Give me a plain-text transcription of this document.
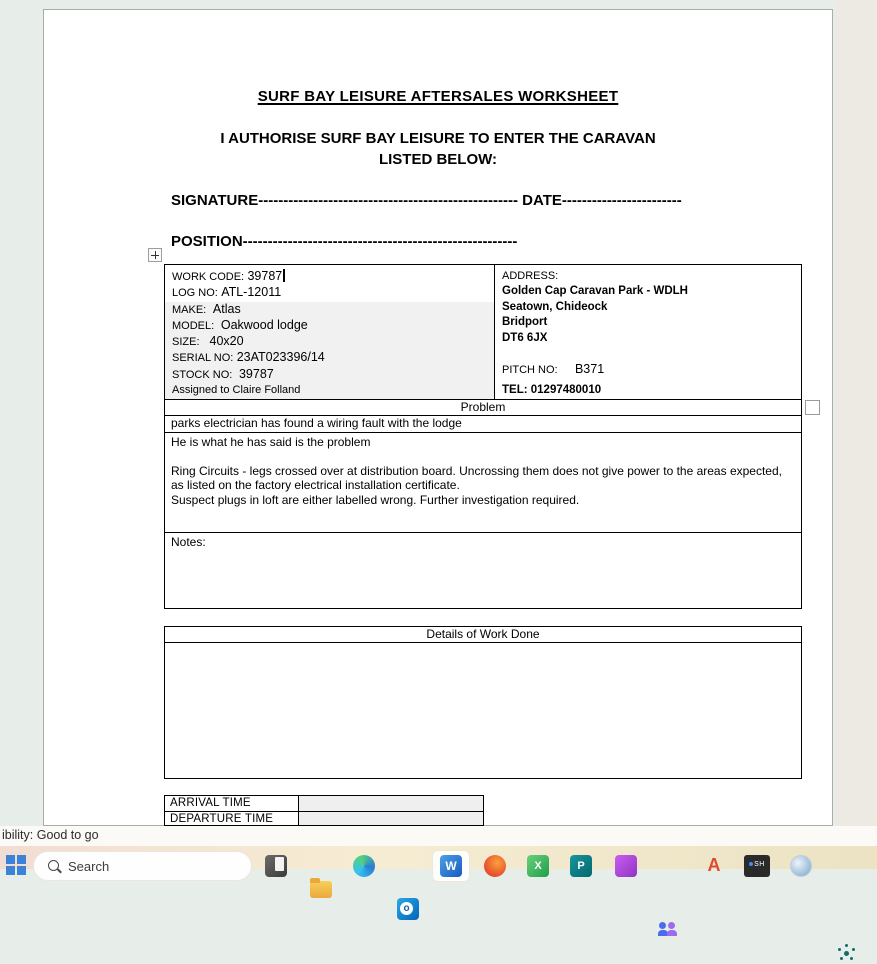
SURF BAY LEISURE AFTERSALES WORKSHEET
I AUTHORISE SURF BAY LEISURE TO ENTER THE CARAVAN
LISTED BELOW:
SIGNATURE---------------------------------------------------- DATE------------------------
POSITION-------------------------------------------------------
WORK CODE: 39787
LOG NO: ATL-12011
MAKE: Atlas
MODEL: Oakwood lodge
SIZE: 40x20
SERIAL NO: 23AT023396/14
STOCK NO: 39787
Assigned to Claire Folland
ADDRESS:
Golden Cap Caravan Park - WDLH
Seatown, Chideock
Bridport
DT6 6JX
PITCH NO: B371
TEL: 01297480010
Problem
parks electrician has found a wiring fault with the lodge

He is what he has said is the problem

Ring Circuits - legs crossed over at distribution board. Uncrossing them does not give power to the areas expected, as listed on the factory electrical installation certificate.

Suspect plugs in loft are either labelled wrong. Further investigation required.

Notes:
Details of Work Done
ARRIVAL TIME
DEPARTURE TIME
ibility: Good to go
Search
o
W	X	P	A	SH
